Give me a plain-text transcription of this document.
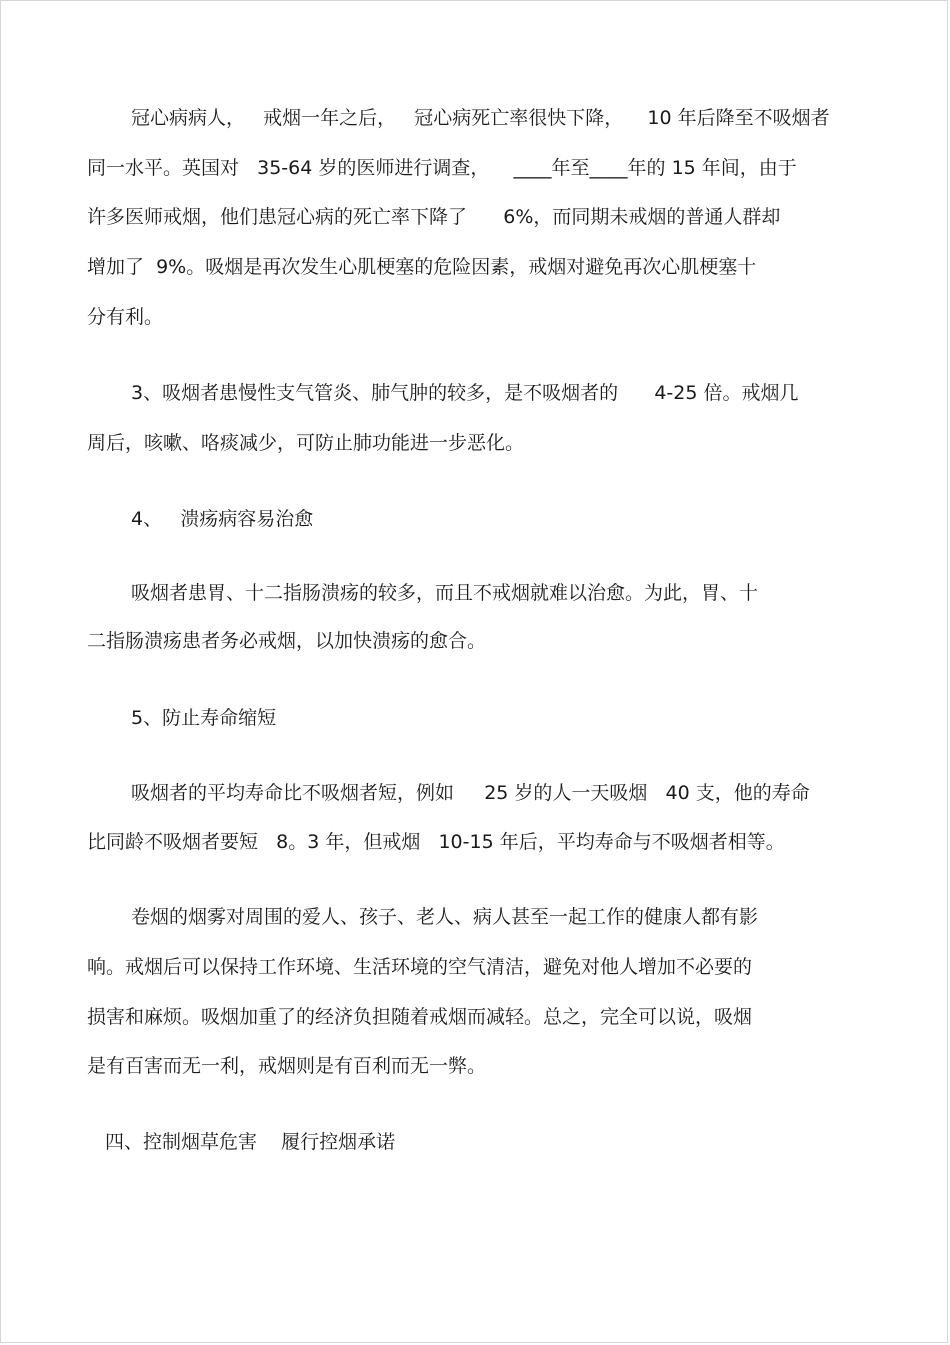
冠心病病人，   戒烟一年之后，   冠心病死亡率很快下降，    10 年后降至不吸烟者
同一水平。英国对   35-64 岁的医师进行调查，    ____年至____年的 15 年间，由于
许多医师戒烟，他们患冠心病的死亡率下降了      6%，而同期未戒烟的普通人群却
增加了  9%。吸烟是再次发生心肌梗塞的危险因素，戒烟对避免再次心肌梗塞十
分有利。
3、吸烟者患慢性支气管炎、肺气肿的较多，是不吸烟者的      4-25 倍。戒烟几
周后，咳嗽、咯痰减少，可防止肺功能进一步恶化。
4、   溃疡病容易治愈
吸烟者患胃、十二指肠溃疡的较多，而且不戒烟就难以治愈。为此，胃、十
二指肠溃疡患者务必戒烟，以加快溃疡的愈合。
5、防止寿命缩短
吸烟者的平均寿命比不吸烟者短，例如     25 岁的人一天吸烟   40 支，他的寿命
比同龄不吸烟者要短   8。3 年，但戒烟   10-15 年后，平均寿命与不吸烟者相等。
卷烟的烟雾对周围的爱人、孩子、老人、病人甚至一起工作的健康人都有影
响。戒烟后可以保持工作环境、生活环境的空气清洁，避免对他人增加不必要的
损害和麻烦。吸烟加重了的经济负担随着戒烟而减轻。总之，完全可以说，吸烟
是有百害而无一利，戒烟则是有百利而无一弊。
四、控制烟草危害    履行控烟承诺
